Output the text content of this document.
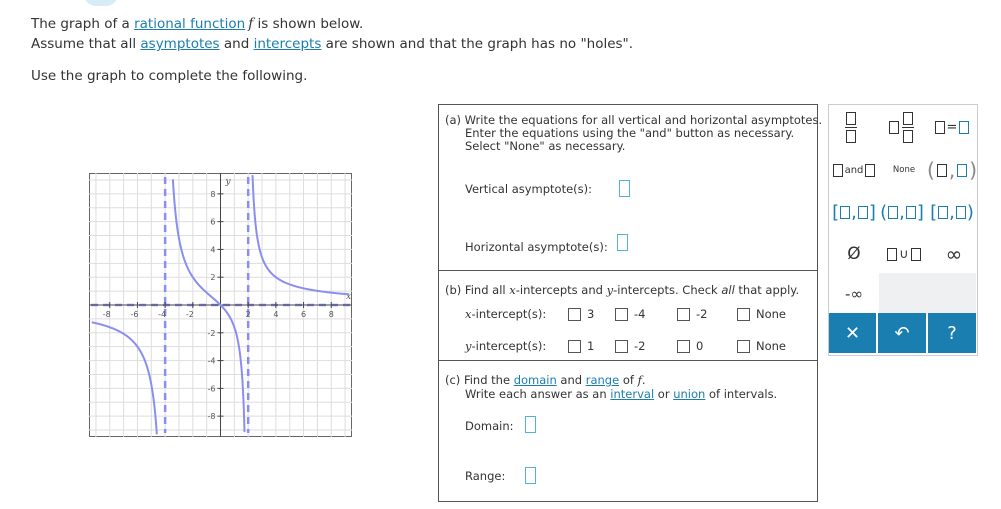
The graph of a rational function f is shown below.
Assume that all asymptotes and intercepts are shown and that the graph has no "holes".
Use the graph to complete the following.
-8 -6 -4 -2	2	4	6	8
8
6
4
2
-2
-4
-6
-8
x
y
(a) Write the equations for all vertical and horizontal asymptotes.
Enter the equations using the "and" button as necessary.
Select "None" as necessary.
Vertical asymptote(s):
Horizontal asymptote(s):
(b) Find all x-intercepts and y-intercepts. Check all that apply.
x-intercept(s):	3	-4	-2	None
y-intercept(s):	1	-2	0	None
(c) Find the domain and range of f.
Write each answer as an interval or union of intervals.
Domain:
Range:
=
and	None ( , )
[ , ] ( , ] [ , )
Ø	∪	∞
-∞
✕ ↶ ?
